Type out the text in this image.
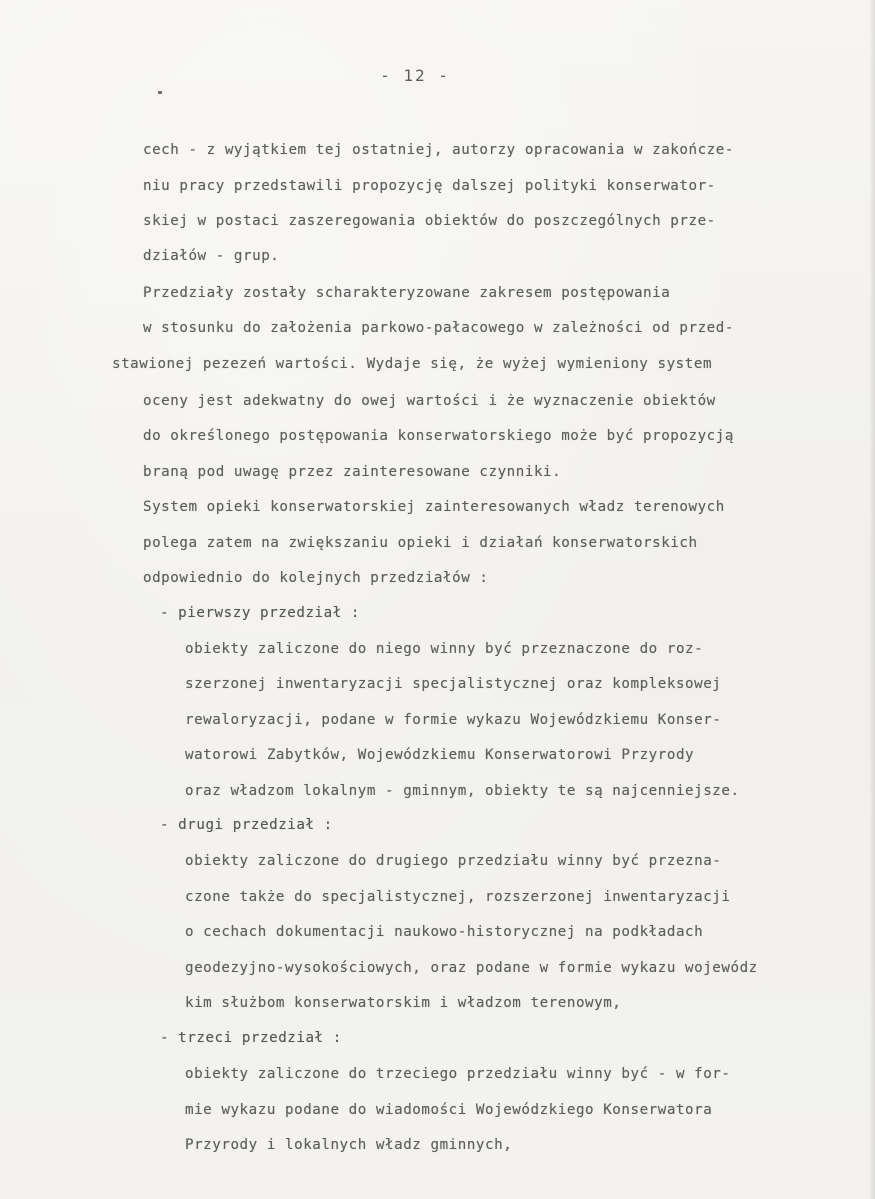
- 12 -
cech - z wyjątkiem tej ostatniej, autorzy opracowania w zakończe-
niu pracy przedstawili propozycję dalszej polityki konserwator-
skiej w postaci zaszeregowania obiektów do poszczególnych prze-
działów - grup.
Przedziały zostały scharakteryzowane zakresem postępowania
w stosunku do założenia parkowo-pałacowego w zależności od przed-
stawionej pezezeń wartości. Wydaje się, że wyżej wymieniony system
oceny jest adekwatny do owej wartości i że wyznaczenie obiektów
do określonego postępowania konserwatorskiego może być propozycją
braną pod uwagę przez zainteresowane czynniki.
System opieki konserwatorskiej zainteresowanych władz terenowych
polega zatem na zwiększaniu opieki i działań konserwatorskich
odpowiednio do kolejnych przedziałów :
- pierwszy przedział :
obiekty zaliczone do niego winny być przeznaczone do roz-
szerzonej inwentaryzacji specjalistycznej oraz kompleksowej
rewaloryzacji, podane w formie wykazu Wojewódzkiemu Konser-
watorowi Zabytków, Wojewódzkiemu Konserwatorowi Przyrody
oraz władzom lokalnym - gminnym, obiekty te są najcenniejsze.
- drugi przedział :
obiekty zaliczone do drugiego przedziału winny być przezna-
czone także do specjalistycznej, rozszerzonej inwentaryzacji
o cechach dokumentacji naukowo-historycznej na podkładach
geodezyjno-wysokościowych, oraz podane w formie wykazu wojewódz
kim służbom konserwatorskim i władzom terenowym,
- trzeci przedział :
obiekty zaliczone do trzeciego przedziału winny być - w for-
mie wykazu podane do wiadomości Wojewódzkiego Konserwatora
Przyrody i lokalnych władz gminnych,
